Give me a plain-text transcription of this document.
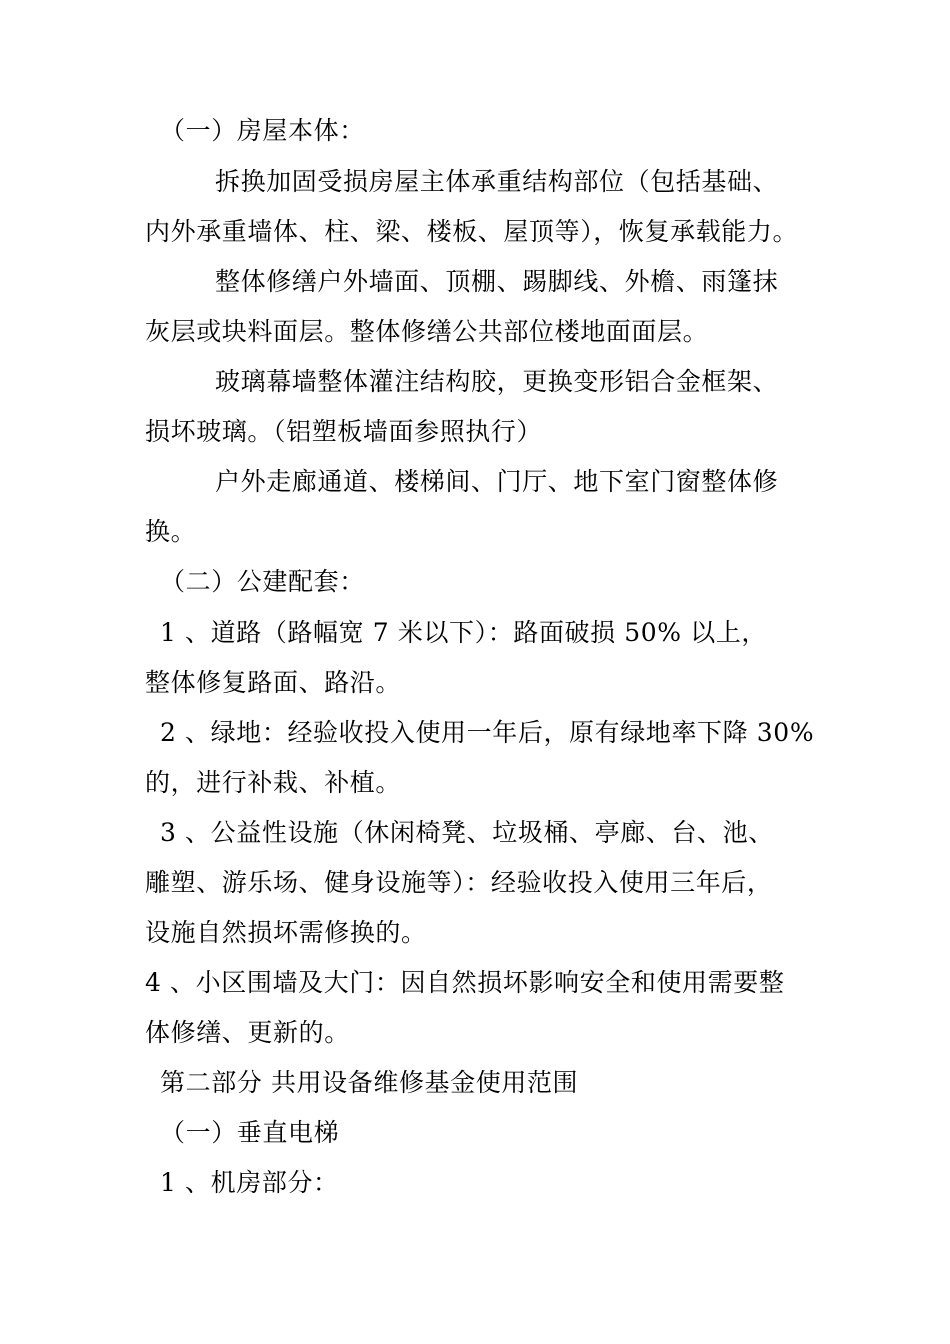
（一）房屋本体：
拆换加固受损房屋主体承重结构部位（包括基础、
内外承重墙体、柱、梁、楼板、屋顶等），恢复承载能力。
整体修缮户外墙面、顶棚、踢脚线、外檐、雨篷抹
灰层或块料面层。整体修缮公共部位楼地面面层。
玻璃幕墙整体灌注结构胶，更换变形铝合金框架、
损坏玻璃。（铝塑板墙面参照执行）
户外走廊通道、楼梯间、门厅、地下室门窗整体修
换。
（二）公建配套：
1 、道路（路幅宽 7 米以下）：路面破损 50% 以上，
整体修复路面、路沿。
2 、绿地：经验收投入使用一年后，原有绿地率下降 30%
的，进行补栽、补植。
3 、公益性设施（休闲椅凳、垃圾桶、亭廊、台、池、
雕塑、游乐场、健身设施等）：经验收投入使用三年后，
设施自然损坏需修换的。
4 、小区围墙及大门：因自然损坏影响安全和使用需要整
体修缮、更新的。
第二部分 共用设备维修基金使用范围
（一）垂直电梯
1 、机房部分：
